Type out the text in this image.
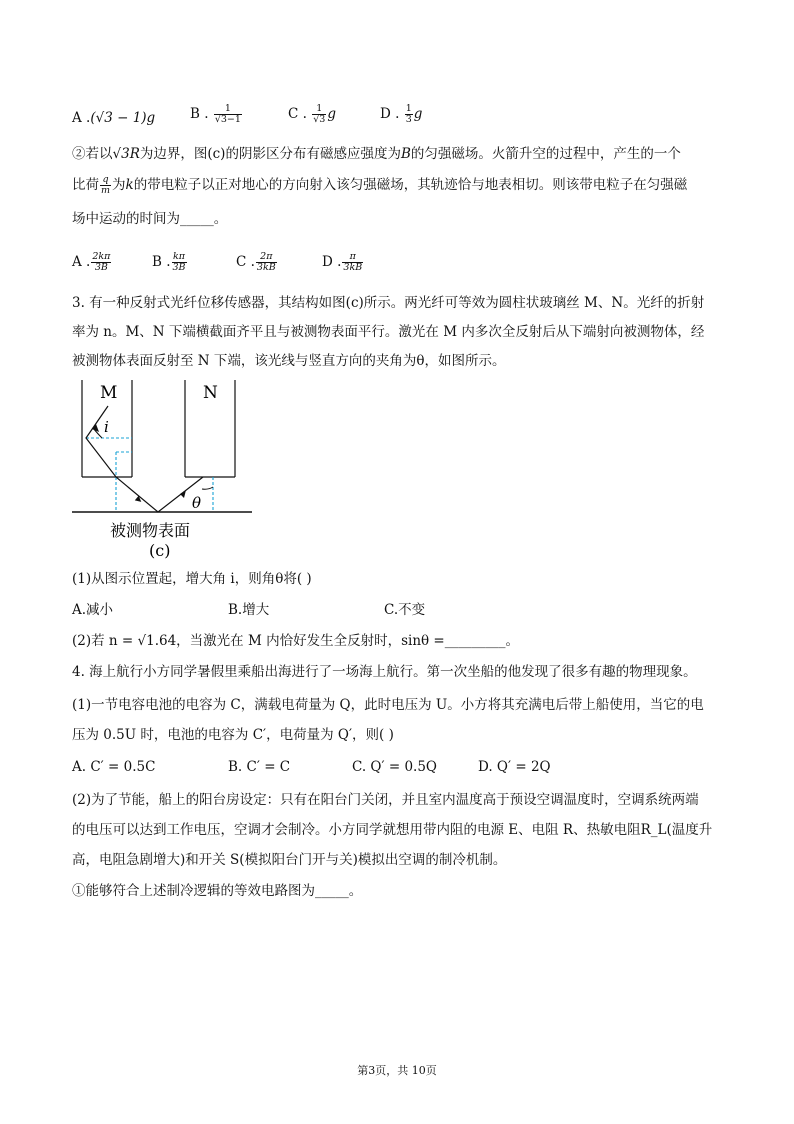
A .(√3 − 1)g	B . $\frac{1}{√3-1}$	C . $\frac{1}{√3}$ g	D . $\frac{1}{3}$ g
②若以√3R为边界，图(c)的阴影区分布有磁感应强度为B的匀强磁场。火箭升空的过程中，产生的一个
比荷 $\frac{q}{m}$ 为k的带电粒子以正对地心的方向射入该匀强磁场，其轨迹恰与地表相切。则该带电粒子在匀强磁
场中运动的时间为_____。
A . $\frac{2k\pi}{3B}$	B . $\frac{k\pi}{3B}$	C . $\frac{2\pi}{3kB}$	D . $\frac{\pi}{3kB}$
3. 有一种反射式光纤位移传感器，其结构如图(c)所示。两光纤可等效为圆柱状玻璃丝 M、N。光纤的折射
率为 n。M、N 下端横截面齐平且与被测物表面平行。激光在 M 内多次全反射后从下端射向被测物体，经
被测物体表面反射至 N 下端，该光线与竖直方向的夹角为θ，如图所示。
M	N
i
θ
被测物表面
(c)
(1)从图示位置起，增大角 i，则角θ将( )
A.减小	B.增大	C.不变
(2)若 n = √1.64，当激光在 M 内恰好发生全反射时，sinθ =_________。
4. 海上航行小方同学暑假里乘船出海进行了一场海上航行。第一次坐船的他发现了很多有趣的物理现象。
(1)一节电容电池的电容为 C，满载电荷量为 Q，此时电压为 U。小方将其充满电后带上船使用，当它的电
压为 0.5U 时，电池的电容为 C′，电荷量为 Q′，则( )
A. C′ = 0.5C	B. C′ = C	C. Q′ = 0.5Q	D. Q′ = 2Q
(2)为了节能，船上的阳台房设定：只有在阳台门关闭，并且室内温度高于预设空调温度时，空调系统两端
的电压可以达到工作电压，空调才会制冷。小方同学就想用带内阻的电源 E、电阻 R、热敏电阻R_L(温度升
高，电阻急剧增大)和开关 S(模拟阳台门开与关)模拟出空调的制冷机制。
①能够符合上述制冷逻辑的等效电路图为_____。
第3页，共 10页
